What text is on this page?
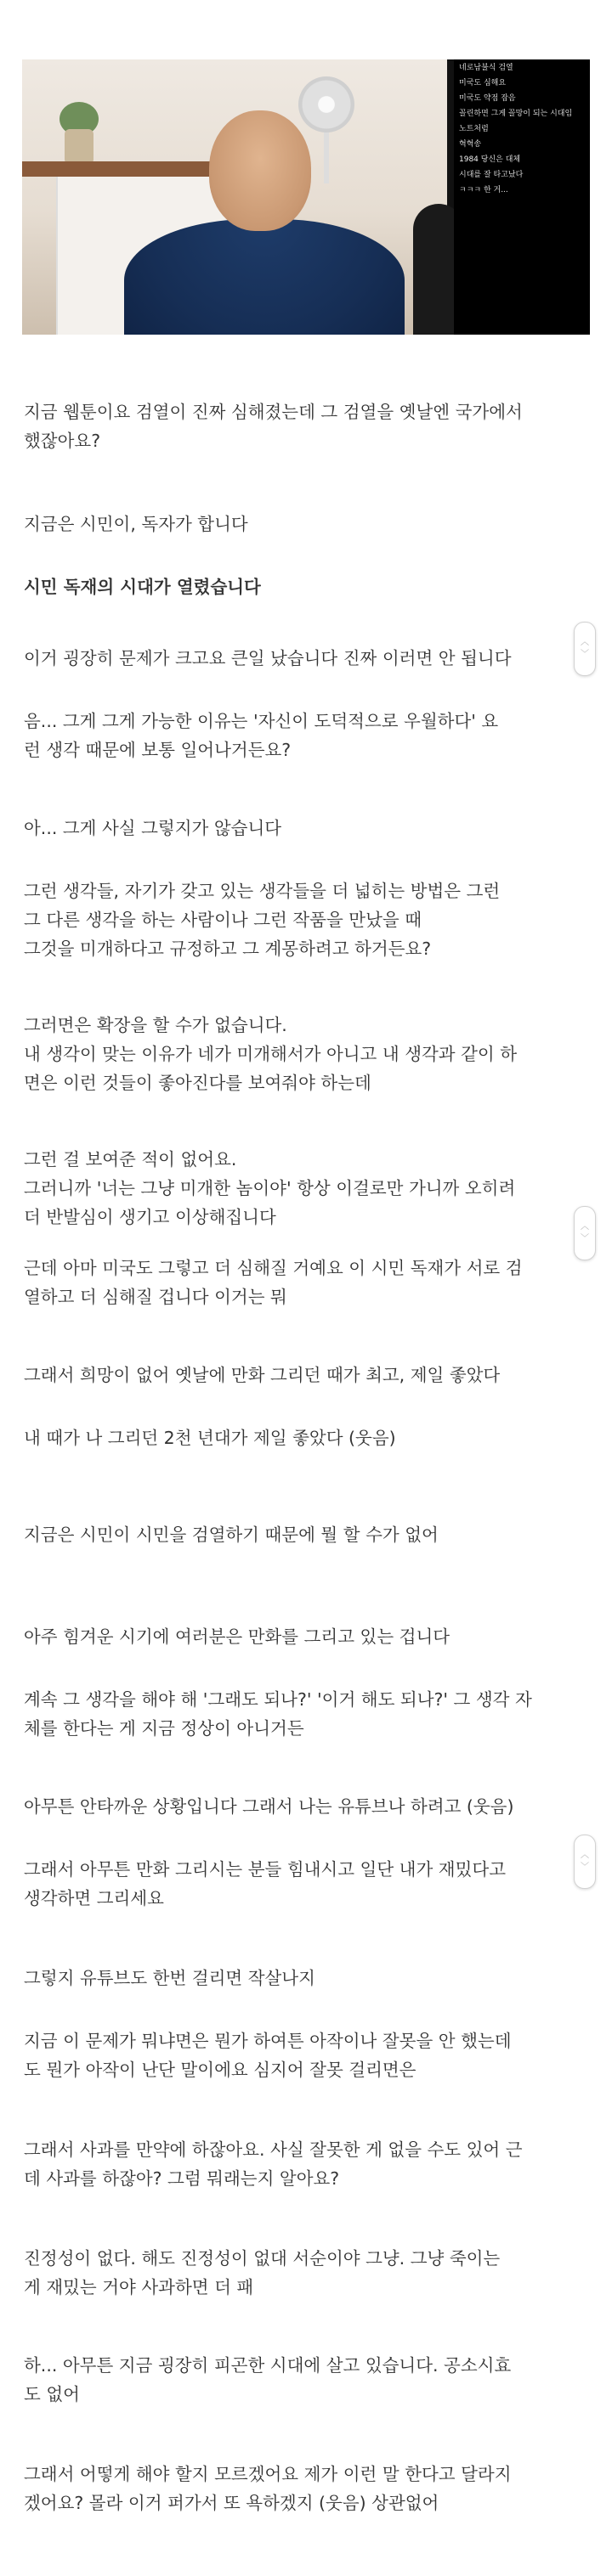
네로남불식 검열
미국도 심해요
미국도 약점 잡음
꼴린하면 그게 꼴망이 되는 시대임
노트처럼
혁혁송
1984 당신은 대체
시대를 잘 타고났다
ㅋㅋㅋ 한 거...

지금 웹툰이요 검열이 진짜 심해졌는데 그 검열을 옛날엔 국가에서
했잖아요?

지금은 시민이, 독자가 합니다

시민 독재의 시대가 열렸습니다

이거 굉장히 문제가 크고요 큰일 났습니다 진짜 이러면 안 됩니다

음... 그게 그게 가능한 이유는 '자신이 도덕적으로 우월하다' 요
런 생각 때문에 보통 일어나거든요?

아... 그게 사실 그렇지가 않습니다

그런 생각들, 자기가 갖고 있는 생각들을 더 넓히는 방법은 그런
그 다른 생각을 하는 사람이나 그런 작품을 만났을 때
그것을 미개하다고 규정하고 그 계몽하려고 하거든요?

그러면은 확장을 할 수가 없습니다.
내 생각이 맞는 이유가 네가 미개해서가 아니고 내 생각과 같이 하
면은 이런 것들이 좋아진다를 보여줘야 하는데

그런 걸 보여준 적이 없어요.
그러니까 '너는 그냥 미개한 놈이야' 항상 이걸로만 가니까 오히려
더 반발심이 생기고 이상해집니다

근데 아마 미국도 그렇고 더 심해질 거예요 이 시민 독재가 서로 검
열하고 더 심해질 겁니다 이거는 뭐

그래서 희망이 없어 옛날에 만화 그리던 때가 최고, 제일 좋았다

내 때가 나 그리던 2천 년대가 제일 좋았다 (웃음)

지금은 시민이 시민을 검열하기 때문에 뭘 할 수가 없어

아주 힘겨운 시기에 여러분은 만화를 그리고 있는 겁니다

계속 그 생각을 해야 해 '그래도 되나?' '이거 해도 되나?' 그 생각 자
체를 한다는 게 지금 정상이 아니거든

아무튼 안타까운 상황입니다 그래서 나는 유튜브나 하려고 (웃음)

그래서 아무튼 만화 그리시는 분들 힘내시고 일단 내가 재밌다고
생각하면 그리세요

그렇지 유튜브도 한번 걸리면 작살나지

지금 이 문제가 뭐냐면은 뭔가 하여튼 아작이나 잘못을 안 했는데
도 뭔가 아작이 난단 말이에요 심지어 잘못 걸리면은

그래서 사과를 만약에 하잖아요. 사실 잘못한 게 없을 수도 있어 근
데 사과를 하잖아? 그럼 뭐래는지 알아요?

진정성이 없다. 해도 진정성이 없대 서순이야 그냥. 그냥 죽이는
게 재밌는 거야 사과하면 더 패

하... 아무튼 지금 굉장히 피곤한 시대에 살고 있습니다. 공소시효
도 없어

그래서 어떻게 해야 할지 모르겠어요 제가 이런 말 한다고 달라지
겠어요? 몰라 이거 퍼가서 또 욕하겠지 (웃음) 상관없어

︿
﹀
︿
﹀
︿
﹀
